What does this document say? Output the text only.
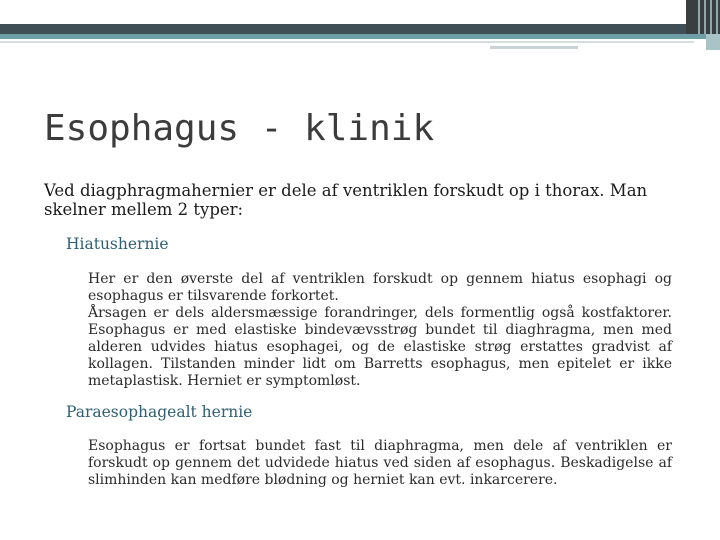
Esophagus - klinik

Ved diagphragmahernier er dele af ventriklen forskudt op i thorax. Man skelner mellem 2 typer:

Hiatushernie

Her er den øverste del af ventriklen forskudt op gennem hiatus esophagi og esophagus er tilsvarende forkortet.

Årsagen er dels aldersmæssige forandringer, dels formentlig også kostfaktorer. Esophagus er med elastiske bindevævsstrøg bundet til diaghragma, men med alderen udvides hiatus esophagei, og de elastiske strøg erstattes gradvist af kollagen. Tilstanden minder lidt om Barretts esophagus, men epitelet er ikke metaplastisk. Herniet er symptomløst.

Paraesophagealt hernie

Esophagus er fortsat bundet fast til diaphragma, men dele af ventriklen er forskudt op gennem det udvidede hiatus ved siden af esophagus. Beskadigelse af slimhinden kan medføre blødning og herniet kan evt. inkarcerere.
